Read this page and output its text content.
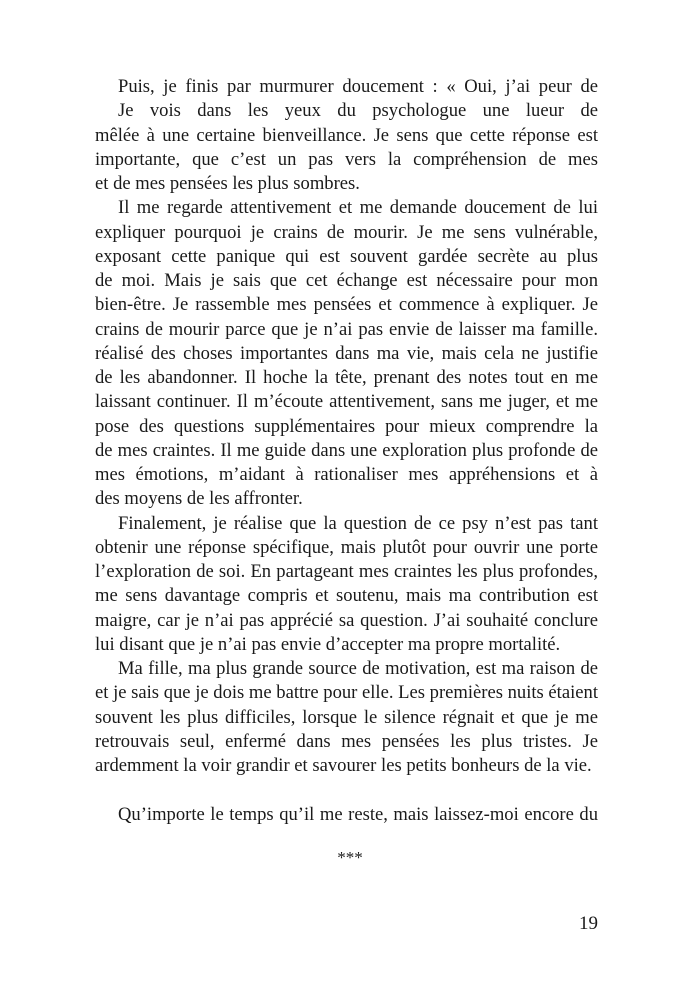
Puis, je finis par murmurer doucement : « Oui, j’ai peur de
Je vois dans les yeux du psychologue une lueur de
mêlée à une certaine bienveillance. Je sens que cette réponse est
importante, que c’est un pas vers la compréhension de mes
et de mes pensées les plus sombres.
Il me regarde attentivement et me demande doucement de lui
expliquer pourquoi je crains de mourir. Je me sens vulnérable,
exposant cette panique qui est souvent gardée secrète au plus
de moi. Mais je sais que cet échange est nécessaire pour mon
bien-être. Je rassemble mes pensées et commence à expliquer. Je
crains de mourir parce que je n’ai pas envie de laisser ma famille.
réalisé des choses importantes dans ma vie, mais cela ne justifie
de les abandonner. Il hoche la tête, prenant des notes tout en me
laissant continuer. Il m’écoute attentivement, sans me juger, et me
pose des questions supplémentaires pour mieux comprendre la
de mes craintes. Il me guide dans une exploration plus profonde de
mes émotions, m’aidant à rationaliser mes appréhensions et à
des moyens de les affronter.
Finalement, je réalise que la question de ce psy n’est pas tant
obtenir une réponse spécifique, mais plutôt pour ouvrir une porte
l’exploration de soi. En partageant mes craintes les plus profondes,
me sens davantage compris et soutenu, mais ma contribution est
maigre, car je n’ai pas apprécié sa question. J’ai souhaité conclure
lui disant que je n’ai pas envie d’accepter ma propre mortalité.
Ma fille, ma plus grande source de motivation, est ma raison de
et je sais que je dois me battre pour elle. Les premières nuits étaient
souvent les plus difficiles, lorsque le silence régnait et que je me
retrouvais seul, enfermé dans mes pensées les plus tristes. Je
ardemment la voir grandir et savourer les petits bonheurs de la vie.
Qu’importe le temps qu’il me reste, mais laissez-moi encore du
***
19
